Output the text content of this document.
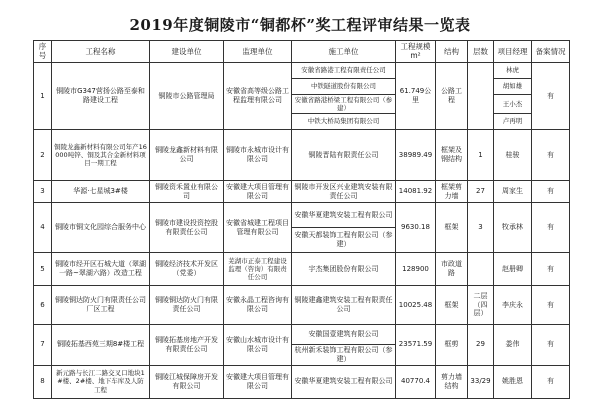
2019年度铜陵市“铜都杯”奖工程评审结果一览表
序号	工程名称	建设单位	监理单位	施工单位	工程规模m²	结构	层数	项目经理	备案情况
1	铜陵市G347营扬公路至泰和路建设工程	铜陵市公路管理局	安徽省高等级公路工程监理有限公司	安徽省路港工程有限责任公司	61.749公里	公路工程		林虎	有
				中铁隧道股份有限公司				胡如雄	
				安徽省路港桥梁工程有限公司（参建）				王小杰	
				中铁大桥局集团有限公司				卢再明	
2	铜陵龙鑫新材料有限公司年产16000吨锌、铜及其合金新材料项目一期工程	铜陵龙鑫新材料有限公司	铜陵市永城市设计有限公司	铜陵晋陆有限责任公司	38989.49	框架及钢结构	1	桂骏	有
3	华源·七星城3#楼	铜陵资禾置业有限公司	安徽建大项目管理有限公司	铜陵市开发区兴业建筑安装有限责任公司	14081.92	框架剪力墙	27	周家生	有
4	铜陵市铜文化园综合服务中心	铜陵市建设投资控股有限责任公司	安徽省城建工程项目管理有限公司	安徽华夏建筑安装工程有限公司	9630.18	框架	3	牧承林	有
				安徽天都装饰工程有限公司（参建）					
5	铜陵市经开区石城大道（翠湖一路~翠湖六路）改造工程	铜陵经济技术开发区（党委）	芜湖市正泰工程建设监理（咨询）有限责任公司	宇杰集团股份有限公司	128900	市政道路		赵册卿	有
6	铜陵铜达防火门有限责任公司厂区工程	铜陵铜达防火门有限责任公司	安徽永晶工程咨询有限公司	铜陵建鑫建筑安装工程有限责任公司	10025.48	框架	二层（四层）	李庆永	有
7	铜陵拓基西苑三期8#楼工程	铜陵拓基房地产开发有限责任公司	安徽山水城市设计有限公司	安徽国壹建筑有限公司	23571.59	框剪	29	娄伟	有
				杭州新禾装饰工程有限公司（参建）					
8	新元路与长江二路交叉口地块1#楼、2#楼、地下车库及人防工程	铜陵江城保障房开发有限公司	安徽建大项目管理有限公司	安徽华夏建筑安装工程有限公司	40770.4	剪力墙结构	33/29	姚胜恩	有
